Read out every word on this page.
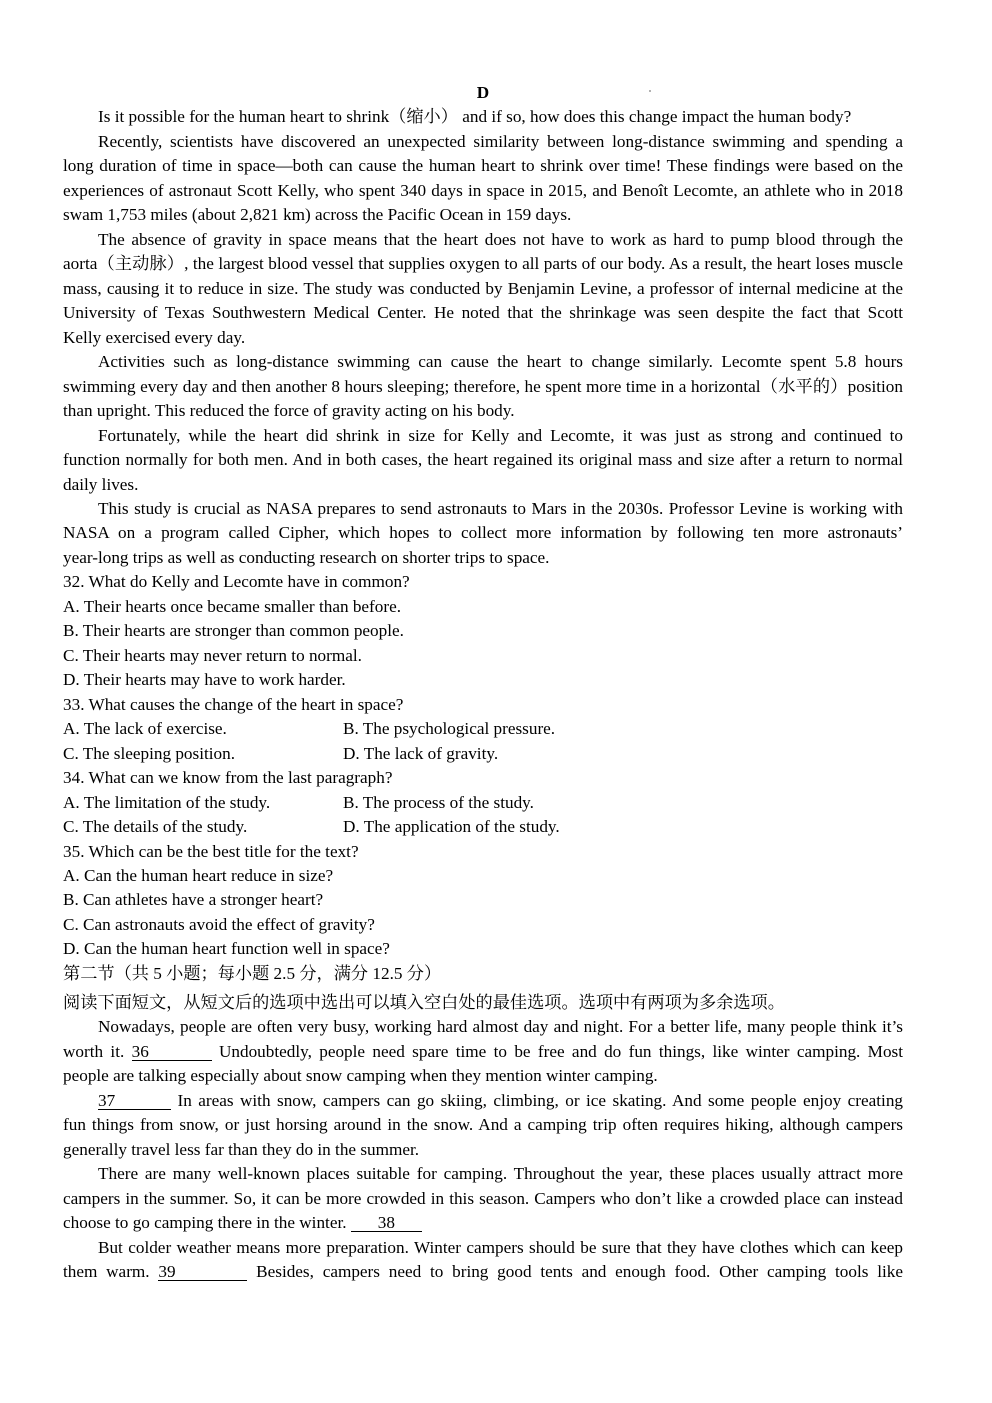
D
Is it possible for the human heart to shrink（缩小） and if so, how does this change impact the human body?
Recently, scientists have discovered an unexpected similarity between long-distance swimming and spending a
long duration of time in space—both can cause the human heart to shrink over time! These findings were based on the
experiences of astronaut Scott Kelly, who spent 340 days in space in 2015, and Benoît Lecomte, an athlete who in 2018
swam 1,753 miles (about 2,821 km) across the Pacific Ocean in 159 days.
The absence of gravity in space means that the heart does not have to work as hard to pump blood through the
aorta（主动脉）, the largest blood vessel that supplies oxygen to all parts of our body. As a result, the heart loses muscle
mass, causing it to reduce in size. The study was conducted by Benjamin Levine, a professor of internal medicine at the
University of Texas Southwestern Medical Center. He noted that the shrinkage was seen despite the fact that Scott
Kelly exercised every day.
Activities such as long-distance swimming can cause the heart to change similarly. Lecomte spent 5.8 hours
swimming every day and then another 8 hours sleeping; therefore, he spent more time in a horizontal（水平的）position
than upright. This reduced the force of gravity acting on his body.
Fortunately, while the heart did shrink in size for Kelly and Lecomte, it was just as strong and continued to
function normally for both men. And in both cases, the heart regained its original mass and size after a return to normal
daily lives.
This study is crucial as NASA prepares to send astronauts to Mars in the 2030s. Professor Levine is working with
NASA on a program called Cipher, which hopes to collect more information by following ten more astronauts’
year-long trips as well as conducting research on shorter trips to space.
32. What do Kelly and Lecomte have in common?
A. Their hearts once became smaller than before.
B. Their hearts are stronger than common people.
C. Their hearts may never return to normal.
D. Their hearts may have to work harder.
33. What causes the change of the heart in space?
A. The lack of exercise.	B. The psychological pressure.
C. The sleeping position.	D. The lack of gravity.
34. What can we know from the last paragraph?
A. The limitation of the study.	B. The process of the study.
C. The details of the study.	D. The application of the study.
35. Which can be the best title for the text?
A. Can the human heart reduce in size?
B. Can athletes have a stronger heart?
C. Can astronauts avoid the effect of gravity?
D. Can the human heart function well in space?
第二节（共 5 小题；每小题 2.5 分，满分 12.5 分）
阅读下面短文，从短文后的选项中选出可以填入空白处的最佳选项。选项中有两项为多余选项。
Nowadays, people are often very busy, working hard almost day and night. For a better life, many people think it’s
worth it. 36	Undoubtedly, people need spare time to be free and do fun things, like winter camping. Most
people are talking especially about snow camping when they mention winter camping.
37	In areas with snow, campers can go skiing, climbing, or ice skating. And some people enjoy creating
fun things from snow, or just horsing around in the snow. And a camping trip often requires hiking, although campers
generally travel less far than they do in the summer.
There are many well-known places suitable for camping. Throughout the year, these places usually attract more
campers in the summer. So, it can be more crowded in this season. Campers who don’t like a crowded place can instead
choose to go camping there in the winter. 38
But colder weather means more preparation. Winter campers should be sure that they have clothes which can keep
them warm. 39	Besides, campers need to bring good tents and enough food. Other camping tools like
